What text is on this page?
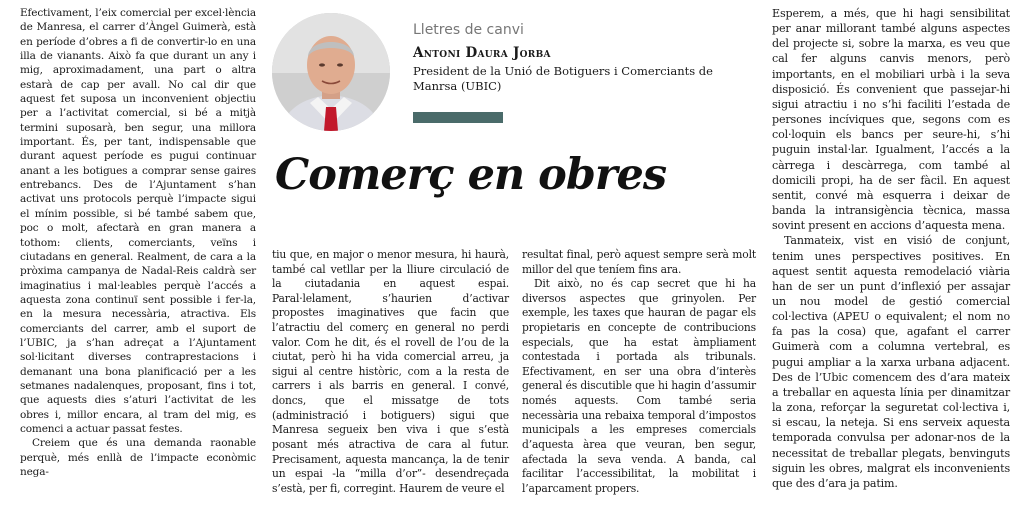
Lletres de canvi
Antoni Daura Jorba
President de la Unió de Botiguers i Comerciants de Manrsa (UBIC)
Comerç en obres

Efectivament, l’eix comercial per excel·lència de Manresa, el carrer d’Àngel Guimerà, està en període d’obres a fi de convertir-lo en una illa de vianants. Això fa que durant un any i mig, aproximadament, una part o altra estarà de cap per avall. No cal dir que aquest fet suposa un inconvenient objectiu per a l’activitat comercial, si bé a mitjà termini suposarà, ben segur, una millora important. És, per tant, indispensable que durant aquest període es pugui continuar anant a les botigues a comprar sense gaires entrebancs. Des de l’Ajuntament s’han activat uns protocols perquè l’impacte sigui el mínim possible, si bé també sabem que, poc o molt, afectarà en gran manera a tothom: clients, comerciants, veïns i ciutadans en general. Realment, de cara a la pròxima campanya de Nadal-Reis caldrà ser imaginatius i mal·leables perquè l’accés a aquesta zona continuï sent possible i fer-la, en la mesura necessària, atractiva. Els comerciants del carrer, amb el suport de l’UBIC, ja s’han adreçat a l’Ajuntament sol·licitant diverses contraprestacions i demanant una bona planificació per a les setmanes nadalenques, proposant, fins i tot, que aquests dies s’aturi l’activitat de les obres i, millor encara, al tram del mig, es comenci a actuar passat festes.

Creiem que és una demanda raonable perquè, més enllà de l’impacte econòmic nega-

tiu que, en major o menor mesura, hi haurà, també cal vetllar per la lliure circulació de la ciutadania en aquest espai. Paral·lelament, s’haurien d’activar propostes imaginatives que facin que l’atractiu del comerç en general no perdi valor. Com he dit, és el rovell de l’ou de la ciutat, però hi ha vida comercial arreu, ja sigui al centre històric, com a la resta de carrers i als barris en general. I convé, doncs, que el missatge de tots (administració i botiguers) sigui que Manresa segueix ben viva i que s’està posant més atractiva de cara al futur. Precisament, aquesta mancança, la de tenir un espai -la “milla d’or”- desendreçada s’està, per fi, corregint. Haurem de veure el

resultat final, però aquest sempre serà molt millor del que teníem fins ara.

Dit això, no és cap secret que hi ha diversos aspectes que grinyolen. Per exemple, les taxes que hauran de pagar els propietaris en concepte de contribucions especials, que ha estat àmpliament contestada i portada als tribunals. Efectivament, en ser una obra d’interès general és discutible que hi hagin d’assumir només aquests. Com també seria necessària una rebaixa temporal d’impostos municipals a les empreses comercials d’aquesta àrea que veuran, ben segur, afectada la seva venda. A banda, cal facilitar l’accessibilitat, la mobilitat i l’aparcament propers.

Esperem, a més, que hi hagi sensibilitat per anar millorant també alguns aspectes del projecte si, sobre la marxa, es veu que cal fer alguns canvis menors, però importants, en el mobiliari urbà i la seva disposició. És convenient que passejar-hi sigui atractiu i no s’hi faciliti l’estada de persones incíviques que, segons com es col·loquin els bancs per seure-hi, s’hi puguin instal·lar. Igualment, l’accés a la càrrega i descàrrega, com també al domicili propi, ha de ser fàcil. En aquest sentit, convé mà esquerra i deixar de banda la intransigència tècnica, massa sovint present en accions d’aquesta mena.

Tanmateix, vist en visió de conjunt, tenim unes perspectives positives. En aquest sentit aquesta remodelació viària han de ser un punt d’inflexió per assajar un nou model de gestió comercial col·lectiva (APEU o equivalent; el nom no fa pas la cosa) que, agafant el carrer Guimerà com a columna vertebral, es pugui ampliar a la xarxa urbana adjacent. Des de l’Ubic comencem des d’ara mateix a treballar en aquesta línia per dinamitzar la zona, reforçar la seguretat col·lectiva i, si escau, la neteja. Si ens serveix aquesta temporada convulsa per adonar-nos de la necessitat de treballar plegats, benvinguts siguin les obres, malgrat els inconvenients que des d’ara ja patim.
